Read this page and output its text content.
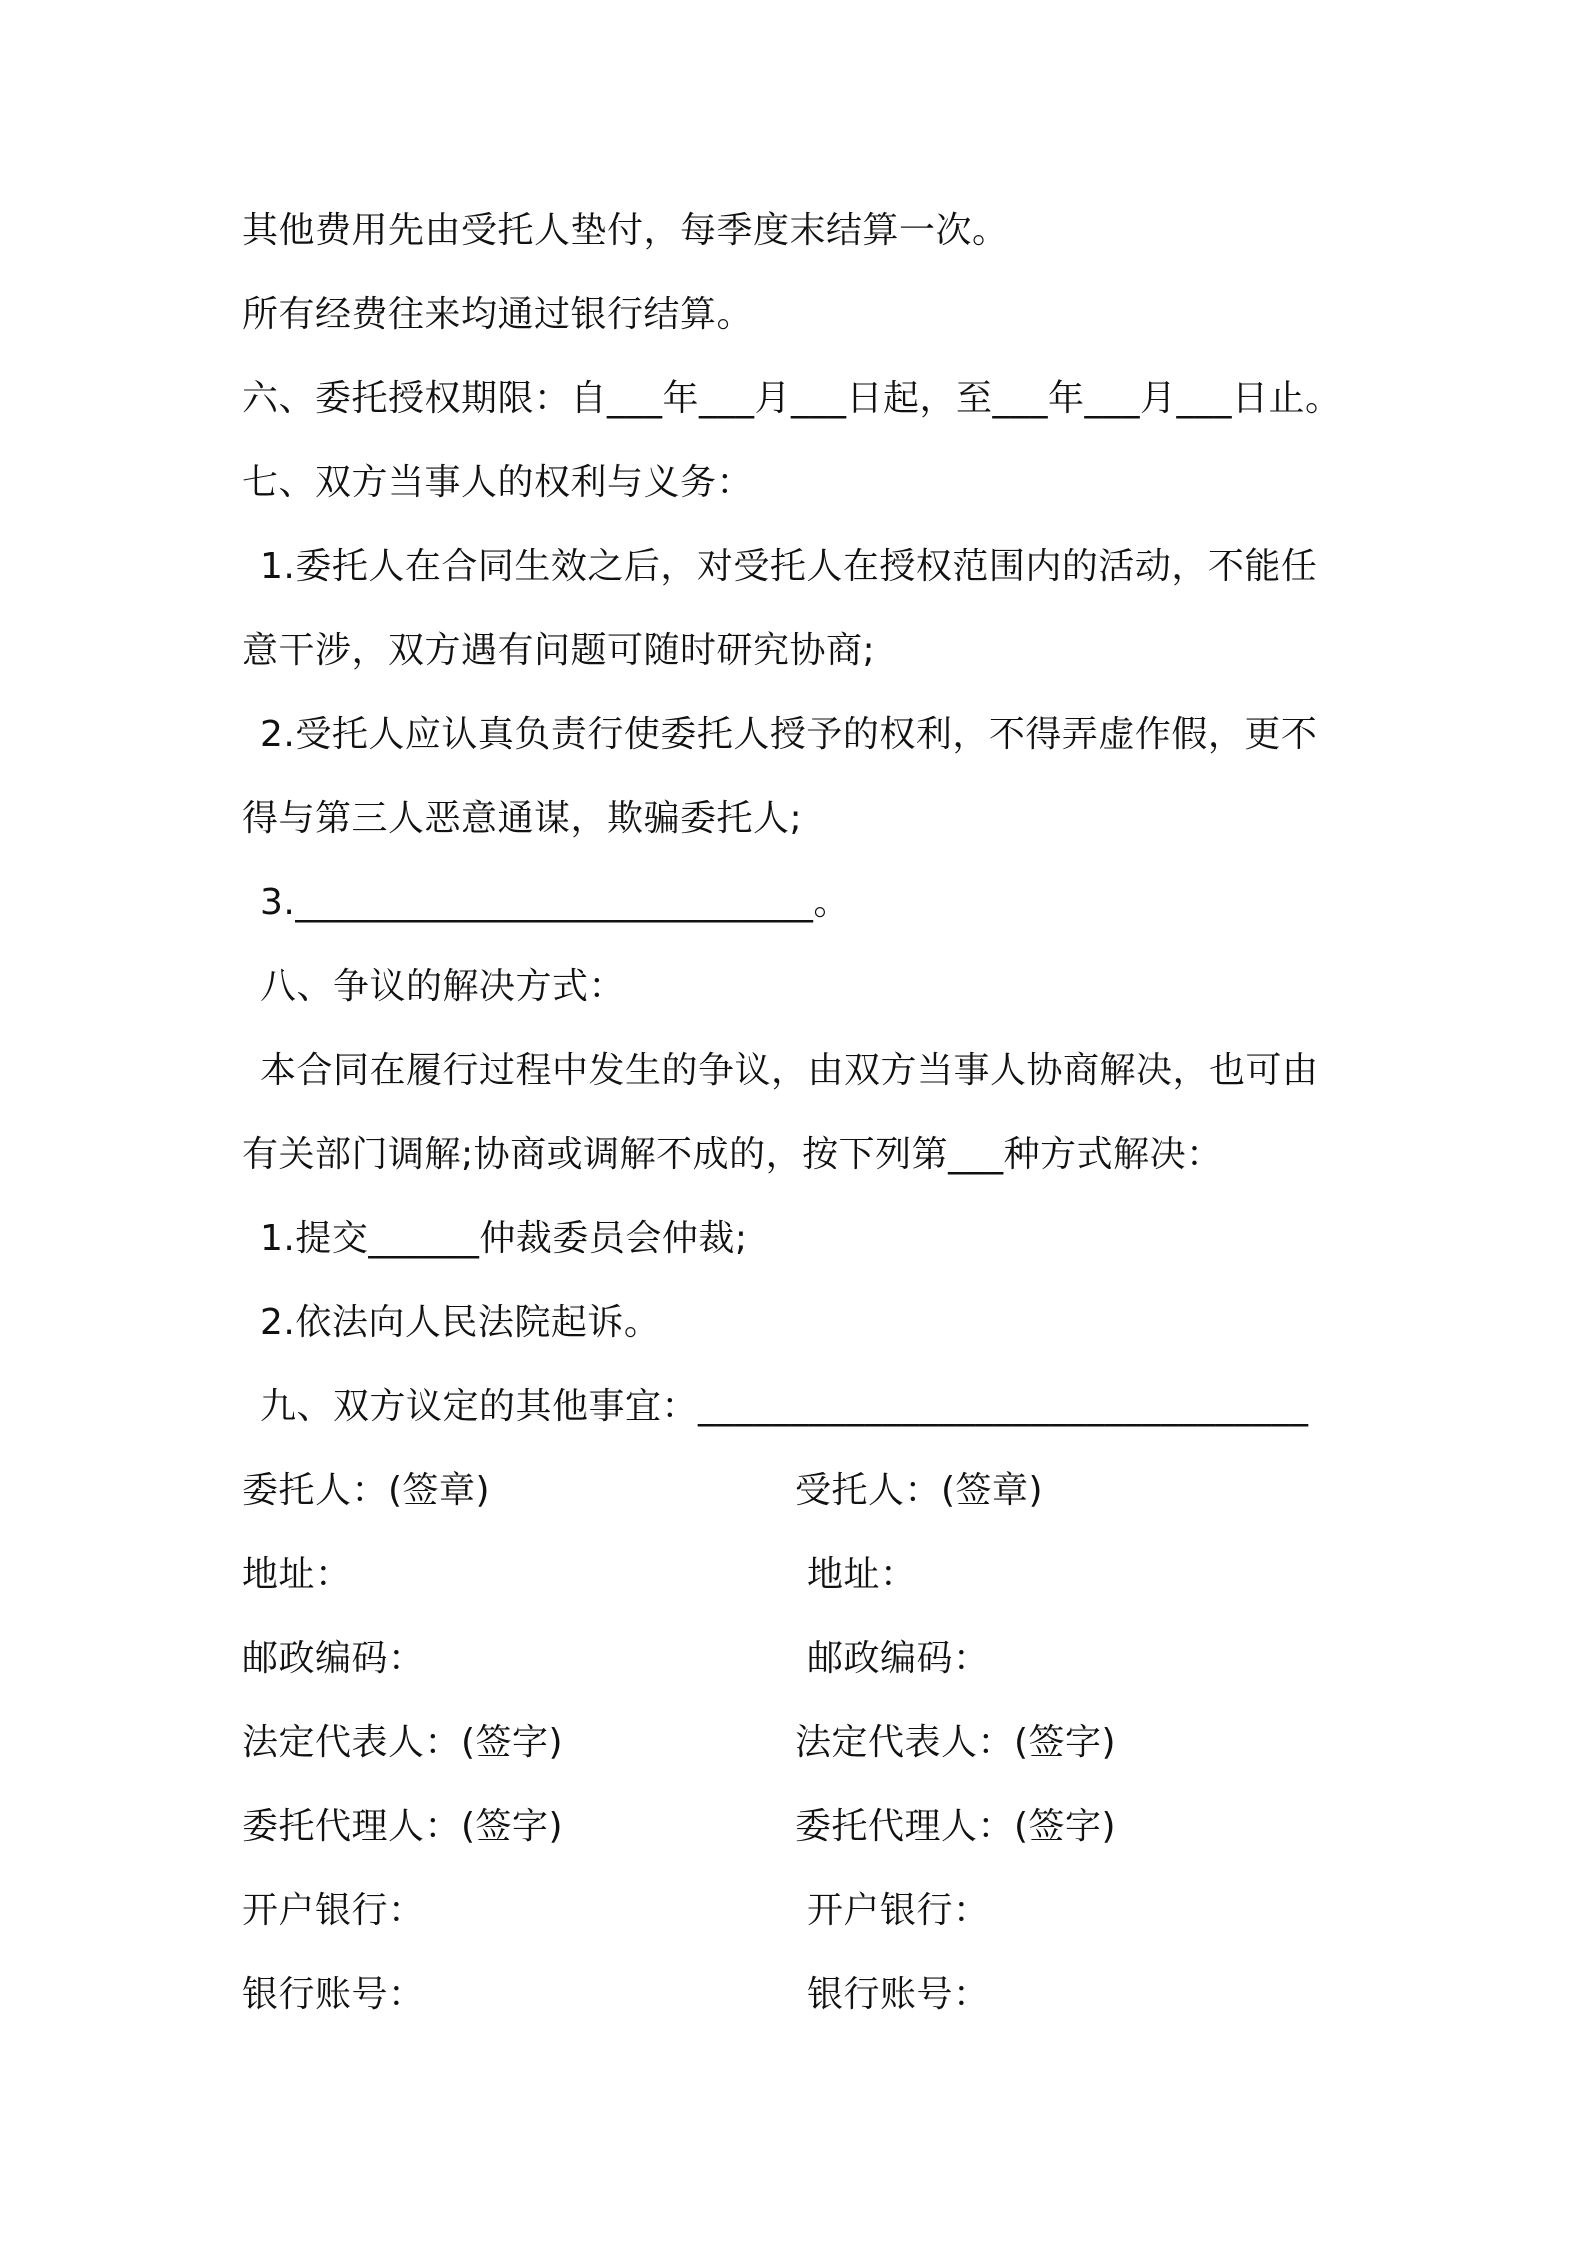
其他费用先由受托人垫付，每季度末结算一次。
所有经费往来均通过银行结算。
六、委托授权期限：自___年___月___日起，至___年___月___日止。
七、双方当事人的权利与义务：
1.委托人在合同生效之后，对受托人在授权范围内的活动，不能任
意干涉，双方遇有问题可随时研究协商;
2.受托人应认真负责行使委托人授予的权利，不得弄虚作假，更不
得与第三人恶意通谋，欺骗委托人;
3.____________________________。
八、争议的解决方式：
本合同在履行过程中发生的争议，由双方当事人协商解决，也可由
有关部门调解;协商或调解不成的，按下列第___种方式解决：
1.提交______仲裁委员会仲裁;
2.依法向人民法院起诉。
九、双方议定的其他事宜：_________________________________
委托人：(签章)
地址：
邮政编码：
法定代表人：(签字)
委托代理人：(签字)
开户银行：
银行账号：
受托人：(签章)
地址：
邮政编码：
法定代表人：(签字)
委托代理人：(签字)
开户银行：
银行账号：
